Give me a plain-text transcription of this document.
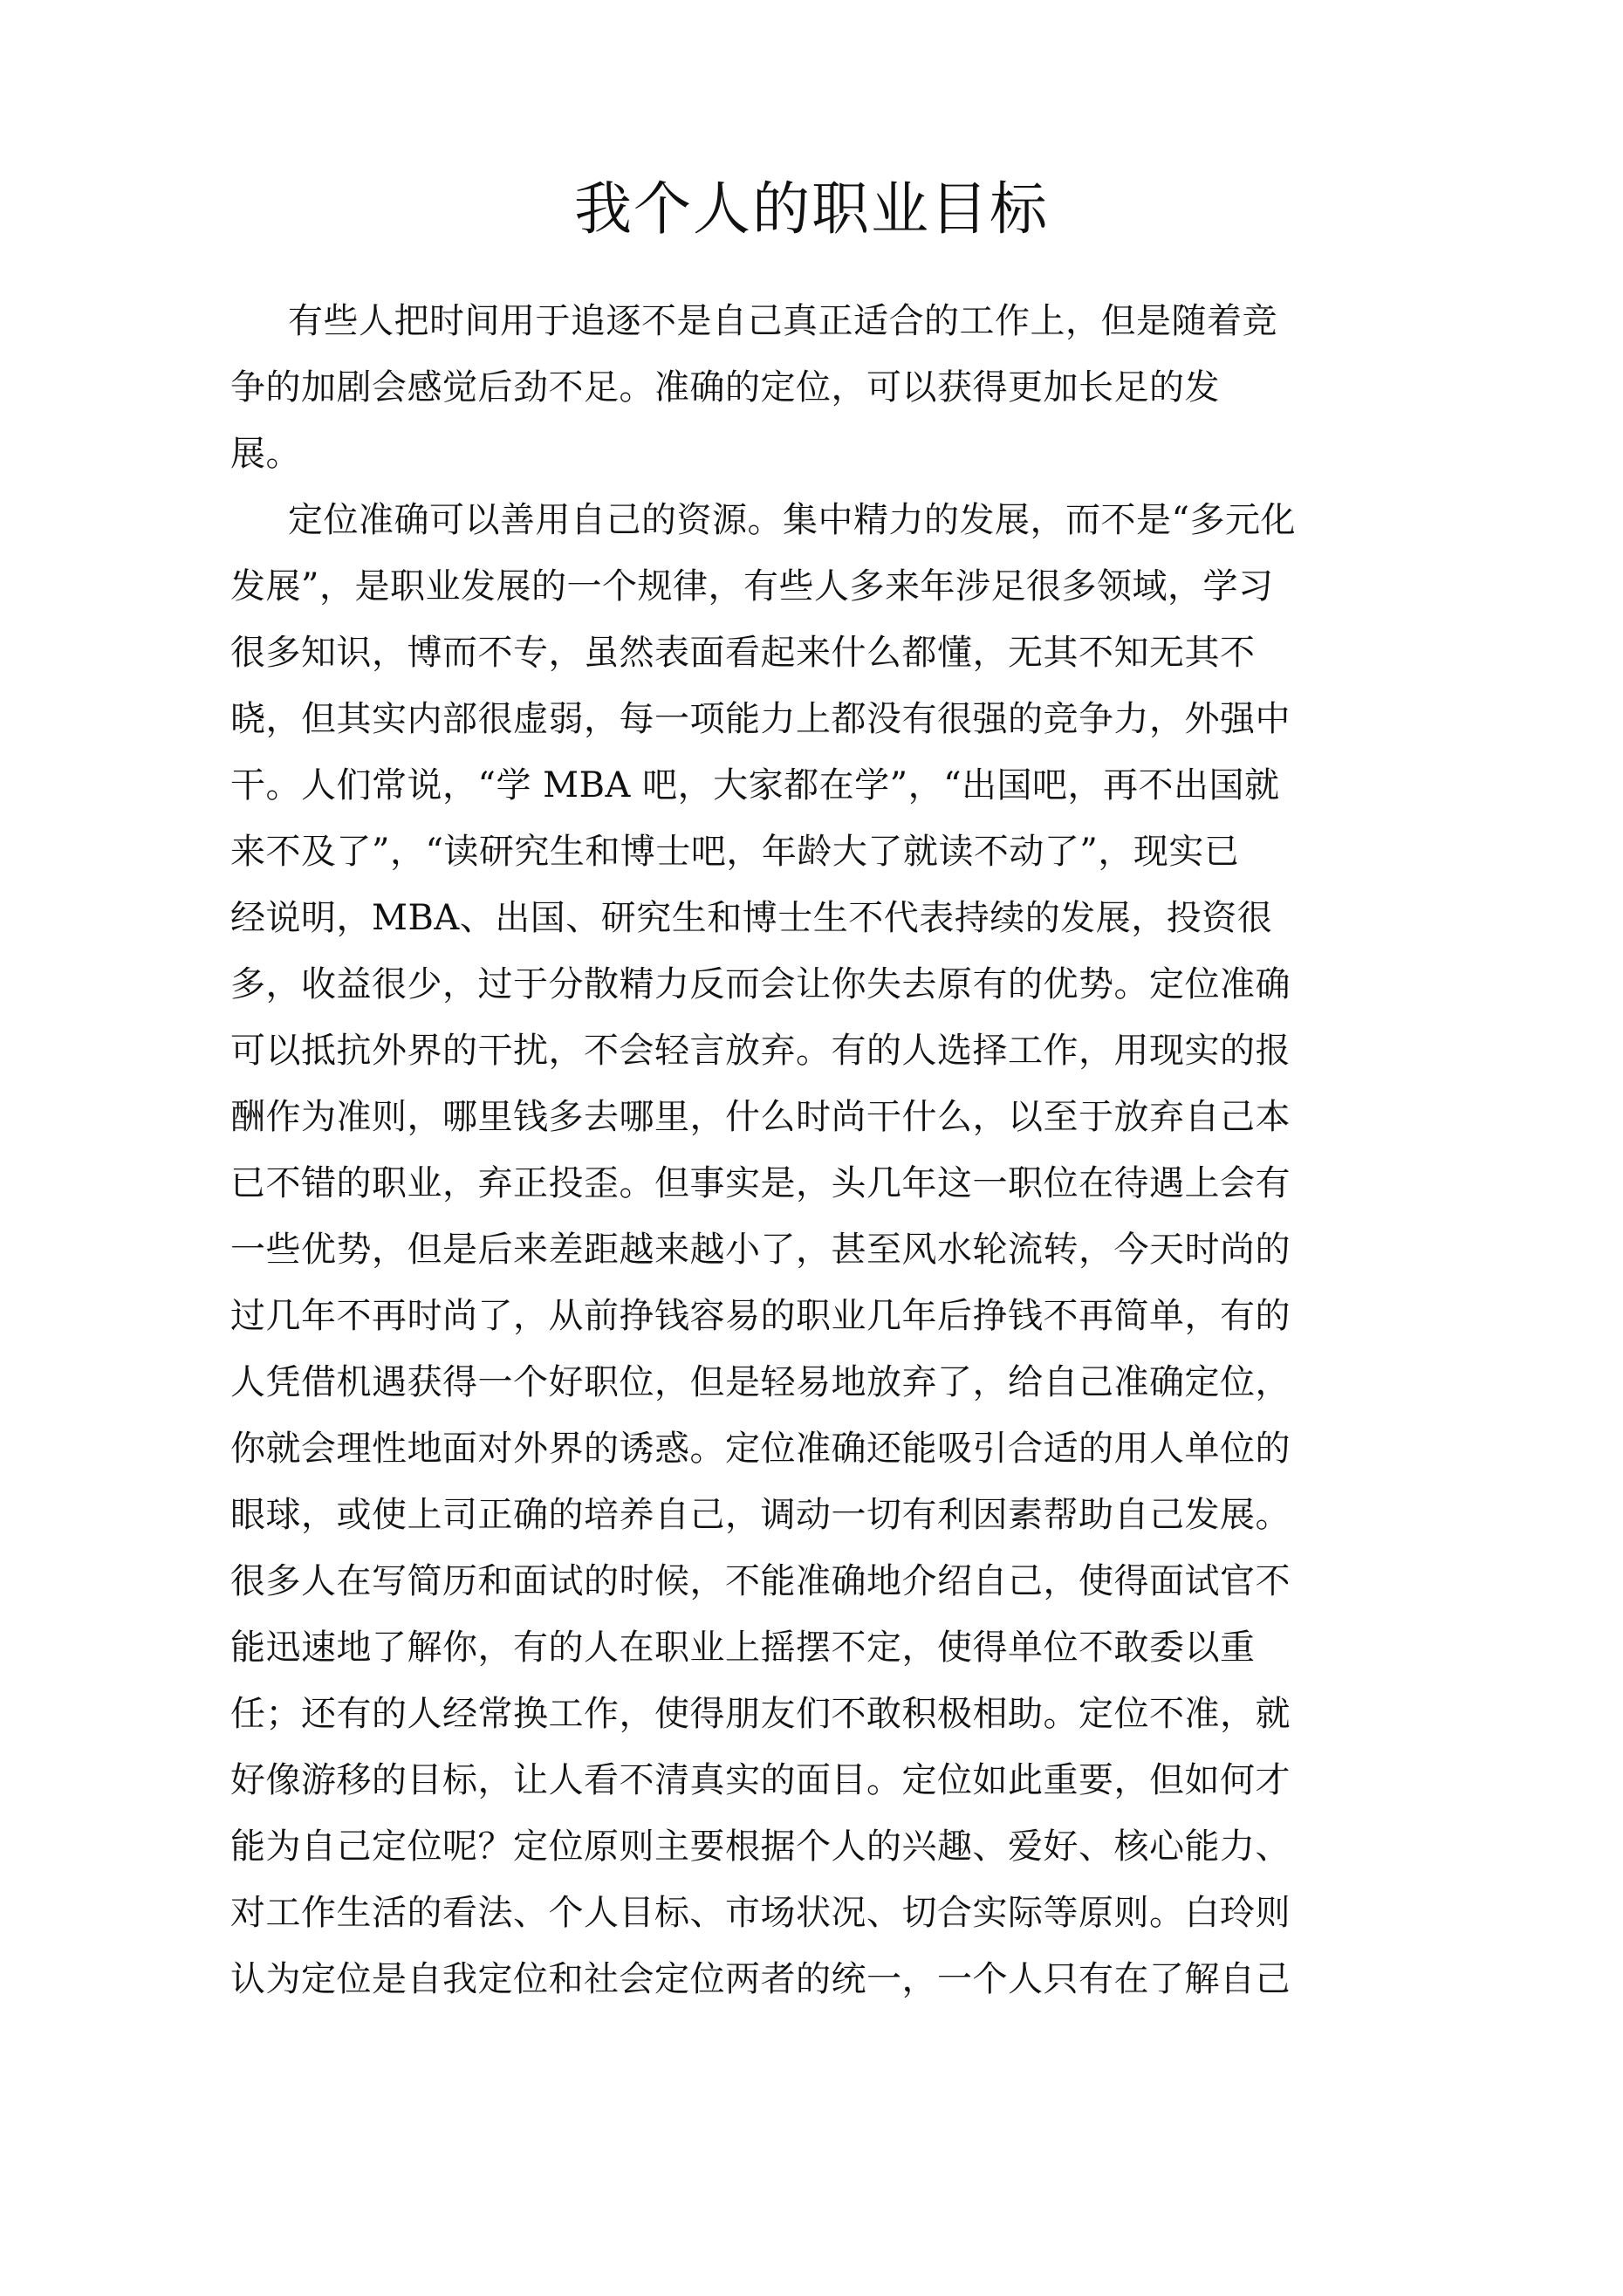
我个人的职业目标
有些人把时间用于追逐不是自己真正适合的工作上，但是随着竞
争的加剧会感觉后劲不足。准确的定位，可以获得更加长足的发
展。
定位准确可以善用自己的资源。集中精力的发展，而不是“多元化
发展”，是职业发展的一个规律，有些人多来年涉足很多领域，学习
很多知识，博而不专，虽然表面看起来什么都懂，无其不知无其不
晓，但其实内部很虚弱，每一项能力上都没有很强的竞争力，外强中
干。人们常说，“学 MBA 吧，大家都在学”，“出国吧，再不出国就
来不及了”，“读研究生和博士吧，年龄大了就读不动了”，现实已
经说明，MBA、出国、研究生和博士生不代表持续的发展，投资很
多，收益很少，过于分散精力反而会让你失去原有的优势。定位准确
可以抵抗外界的干扰，不会轻言放弃。有的人选择工作，用现实的报
酬作为准则，哪里钱多去哪里，什么时尚干什么，以至于放弃自己本
已不错的职业，弃正投歪。但事实是，头几年这一职位在待遇上会有
一些优势，但是后来差距越来越小了，甚至风水轮流转，今天时尚的
过几年不再时尚了，从前挣钱容易的职业几年后挣钱不再简单，有的
人凭借机遇获得一个好职位，但是轻易地放弃了，给自己准确定位，
你就会理性地面对外界的诱惑。定位准确还能吸引合适的用人单位的
眼球，或使上司正确的培养自己，调动一切有利因素帮助自己发展。
很多人在写简历和面试的时候，不能准确地介绍自己，使得面试官不
能迅速地了解你，有的人在职业上摇摆不定，使得单位不敢委以重
任；还有的人经常换工作，使得朋友们不敢积极相助。定位不准，就
好像游移的目标，让人看不清真实的面目。定位如此重要，但如何才
能为自己定位呢？定位原则主要根据个人的兴趣、爱好、核心能力、
对工作生活的看法、个人目标、市场状况、切合实际等原则。白玲则
认为定位是自我定位和社会定位两者的统一，一个人只有在了解自己
